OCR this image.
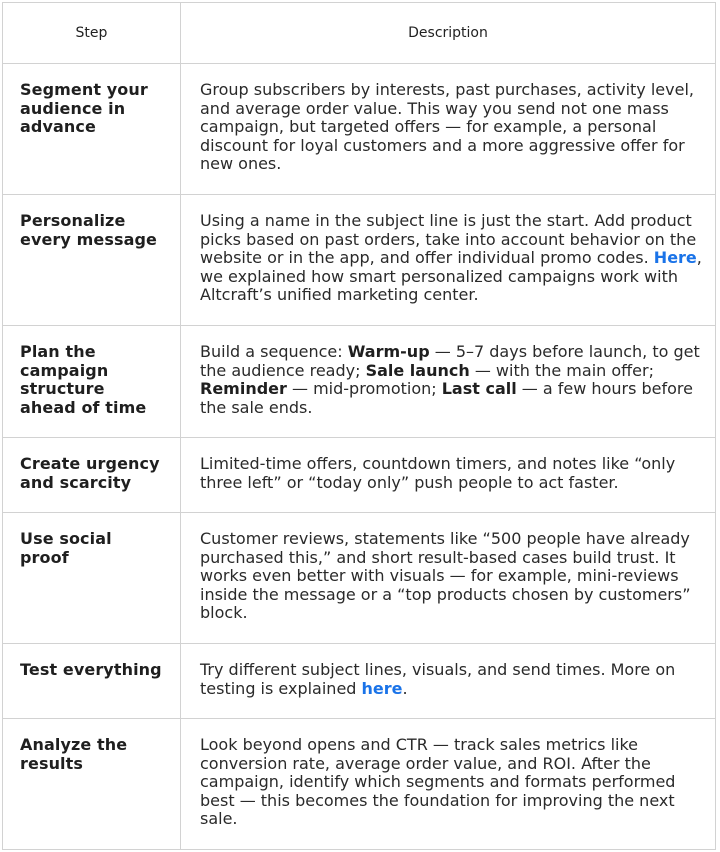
Step	Description
Segment your audience in advance	Group subscribers by interests, past purchases, activity level, and average order value. This way you send not one mass campaign, but targeted offers — for example, a personal discount for loyal customers and a more aggressive offer for new ones.
Personalize every message	Using a name in the subject line is just the start. Add product picks based on past orders, take into account behavior on the website or in the app, and offer individual promo codes. Here, we explained how smart personalized campaigns work with Altcraft’s unified marketing center.
Plan the campaign structure ahead of time	Build a sequence: Warm-up — 5–7 days before launch, to get the audience ready; Sale launch — with the main offer; Reminder — mid-promotion; Last call — a few hours before the sale ends.
Create urgency and scarcity	Limited-time offers, countdown timers, and notes like “only three left” or “today only” push people to act faster.
Use social proof	Customer reviews, statements like “500 people have already purchased this,” and short result-based cases build trust. It works even better with visuals — for example, mini-reviews inside the message or a “top products chosen by customers” block.
Test everything	Try different subject lines, visuals, and send times. More on testing is explained here.
Analyze the results	Look beyond opens and CTR — track sales metrics like conversion rate, average order value, and ROI. After the campaign, identify which segments and formats performed best — this becomes the foundation for improving the next sale.
